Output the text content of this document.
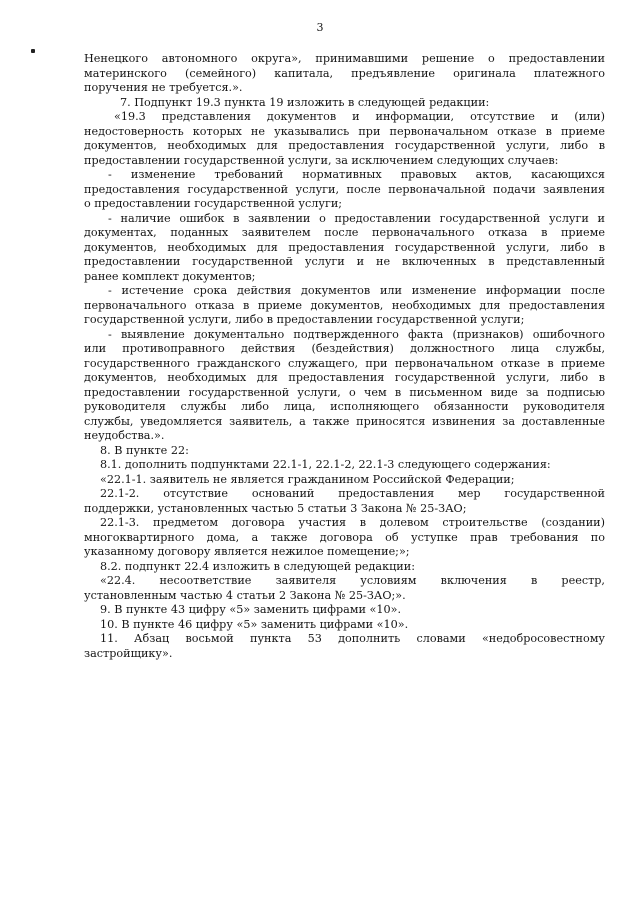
3
Ненецкого автономного округа», принимавшими решение о предоставлении
материнского (семейного) капитала, предъявление оригинала платежного
поручения не требуется.».
7. Подпункт 19.3 пункта 19 изложить в следующей редакции:
«19.3 представления документов и информации, отсутствие и (или)
недостоверность которых не указывались при первоначальном отказе в приеме
документов, необходимых для предоставления государственной услуги, либо в
предоставлении государственной услуги, за исключением следующих случаев:
- изменение требований нормативных правовых актов, касающихся
предоставления государственной услуги, после первоначальной подачи заявления
о предоставлении государственной услуги;
- наличие ошибок в заявлении о предоставлении государственной услуги и
документах, поданных заявителем после первоначального отказа в приеме
документов, необходимых для предоставления государственной услуги, либо в
предоставлении государственной услуги и не включенных в представленный
ранее комплект документов;
- истечение срока действия документов или изменение информации после
первоначального отказа в приеме документов, необходимых для предоставления
государственной услуги, либо в предоставлении государственной услуги;
- выявление документально подтвержденного факта (признаков) ошибочного
или противоправного действия (бездействия) должностного лица службы,
государственного гражданского служащего, при первоначальном отказе в приеме
документов, необходимых для предоставления государственной услуги, либо в
предоставлении государственной услуги, о чем в письменном виде за подписью
руководителя службы либо лица, исполняющего обязанности руководителя
службы, уведомляется заявитель, а также приносятся извинения за доставленные
неудобства.».
8. В пункте 22:
8.1. дополнить подпунктами 22.1-1, 22.1-2, 22.1-3 следующего содержания:
«22.1-1. заявитель не является гражданином Российской Федерации;
22.1-2. отсутствие оснований предоставления мер государственной
поддержки, установленных частью 5 статьи 3 Закона № 25-ЗАО;
22.1-3. предметом договора участия в долевом строительстве (создании)
многоквартирного дома, а также договора об уступке прав требования по
указанному договору является нежилое помещение;»;
8.2. подпункт 22.4 изложить в следующей редакции:
«22.4. несоответствие заявителя условиям включения в реестр,
установленным частью 4 статьи 2 Закона № 25-ЗАО;».
9. В пункте 43 цифру «5» заменить цифрами «10».
10. В пункте 46 цифру «5» заменить цифрами «10».
11. Абзац восьмой пункта 53 дополнить словами «недобросовестному
застройщику».
